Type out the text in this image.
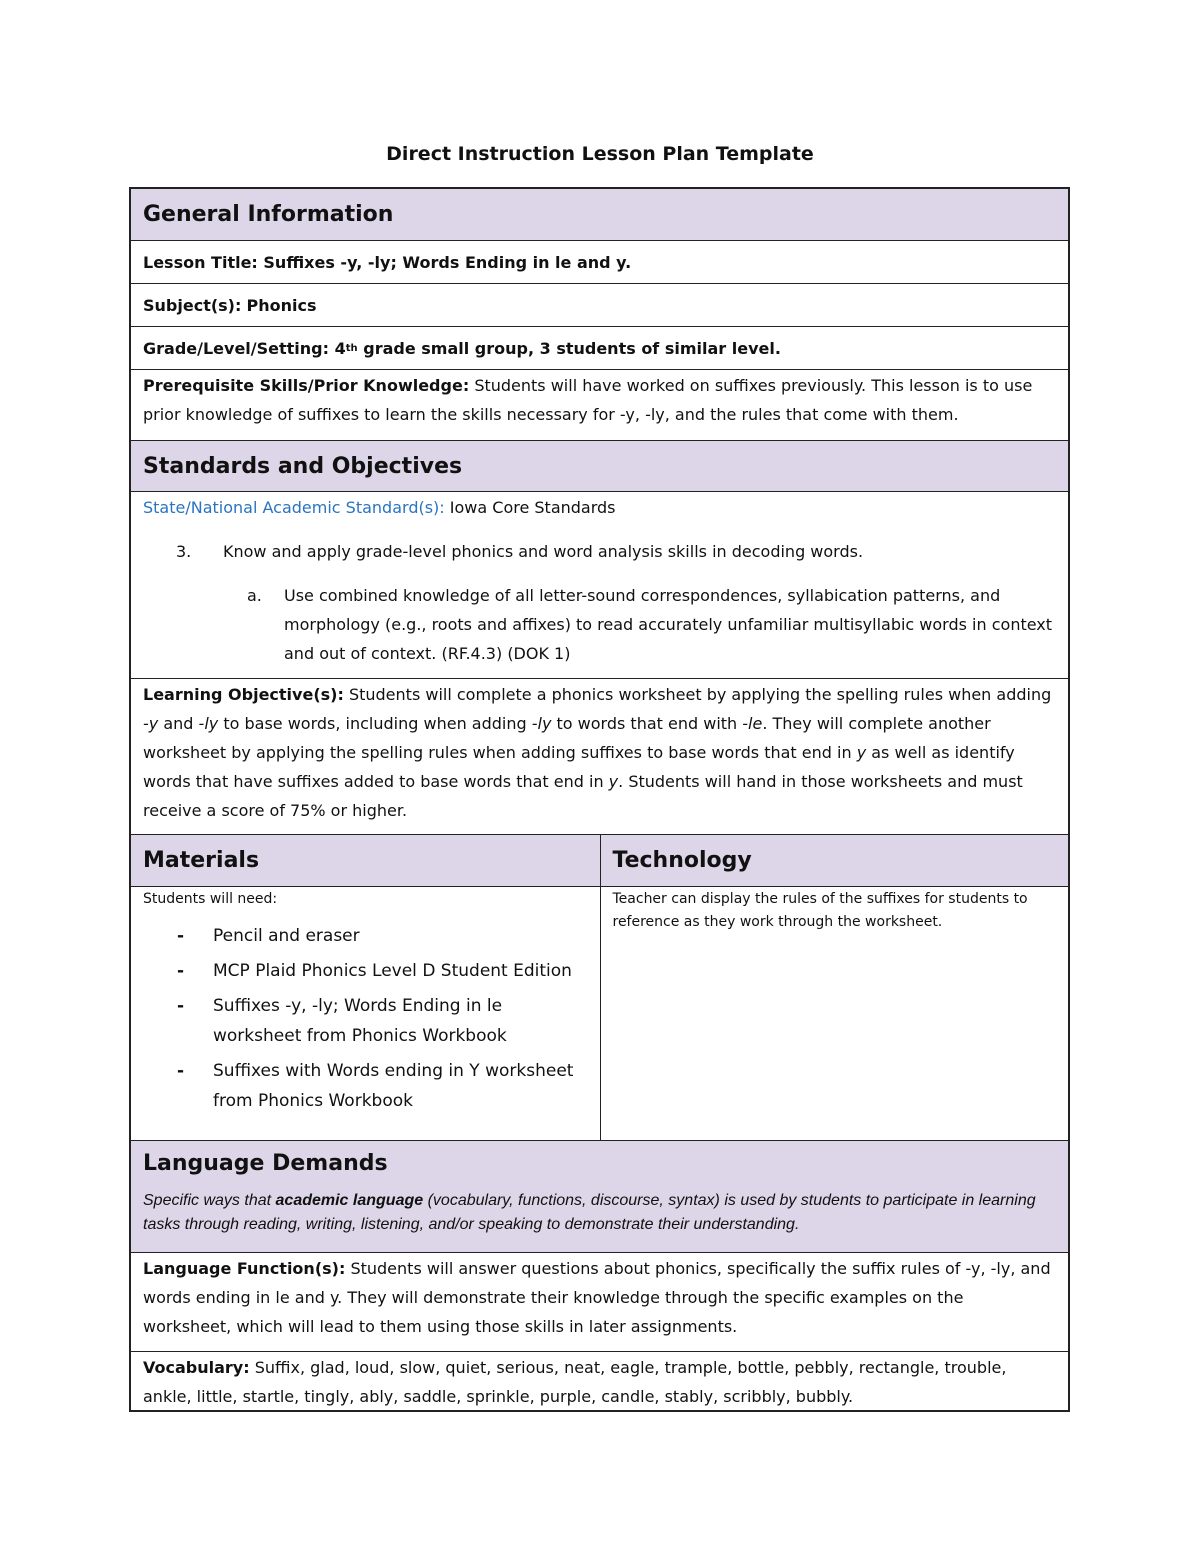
Direct Instruction Lesson Plan Template
General Information
Lesson Title:
Suffixes -y, -ly; Words Ending in le and y.
Subject(s):
Phonics
Grade/Level/Setting:
4 th
grade small group, 3 students of similar level.
Prerequisite Skills/Prior Knowledge: Students will have worked on suffixes previously. This lesson is to use prior knowledge of suffixes to learn the skills necessary for -y, -ly, and the rules that come with them.
Standards and Objectives
State/National Academic Standard(s): Iowa Core Standards
3. Know and apply grade-level phonics and word analysis skills in decoding words.
a. Use combined knowledge of all letter-sound correspondences, syllabication patterns, and morphology (e.g., roots and affixes) to read accurately unfamiliar multisyllabic words in context and out of context. (RF.4.3) (DOK 1)
Learning Objective(s): Students will complete a phonics worksheet by applying the spelling rules when adding -y and -ly to base words, including when adding -ly to words that end with -le. They will complete another worksheet by applying the spelling rules when adding suffixes to base words that end in y as well as identify words that have suffixes added to base words that end in y. Students will hand in those worksheets and must receive a score of 75% or higher.
Materials	Technology
Students will need:
- Pencil and eraser
- MCP Plaid Phonics Level D Student Edition
- Suffixes -y, -ly; Words Ending in le worksheet from Phonics Workbook
- Suffixes with Words ending in Y worksheet from Phonics Workbook
Teacher can display the rules of the suffixes for students to reference as they work through the worksheet.
Language Demands
Specific ways that academic language (vocabulary, functions, discourse, syntax) is used by students to participate in learning tasks through reading, writing, listening, and/or speaking to demonstrate their understanding.
Language Function(s): Students will answer questions about phonics, specifically the suffix rules of -y, -ly, and words ending in le and y. They will demonstrate their knowledge through the specific examples on the worksheet, which will lead to them using those skills in later assignments.
Vocabulary: Suffix, glad, loud, slow, quiet, serious, neat, eagle, trample, bottle, pebbly, rectangle, trouble, ankle, little, startle, tingly, ably, saddle, sprinkle, purple, candle, stably, scribbly, bubbly.
